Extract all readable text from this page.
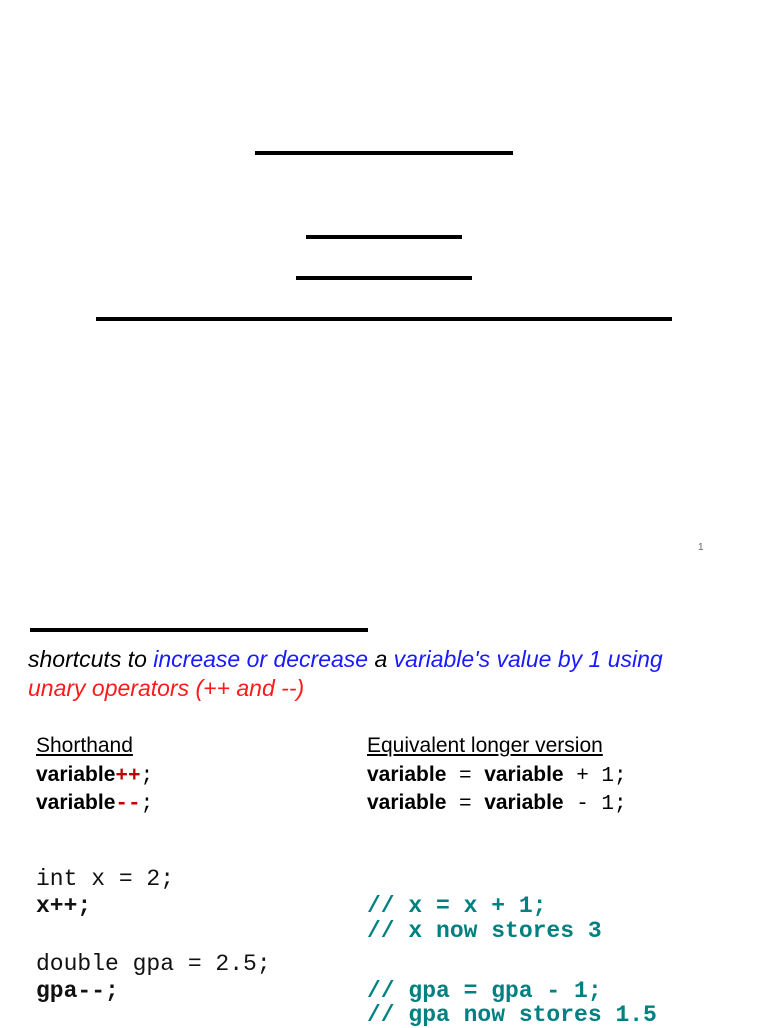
1
shortcuts to increase or decrease a variable's value by 1 using
unary operators (++ and --)
Shorthand	Equivalent longer version
variable++;	variable = variable + 1;
variable--;	variable = variable - 1;
int x = 2;
x++;	// x = x + 1;
// x now stores 3
double gpa = 2.5;
gpa--;	// gpa = gpa - 1;
// gpa now stores 1.5
